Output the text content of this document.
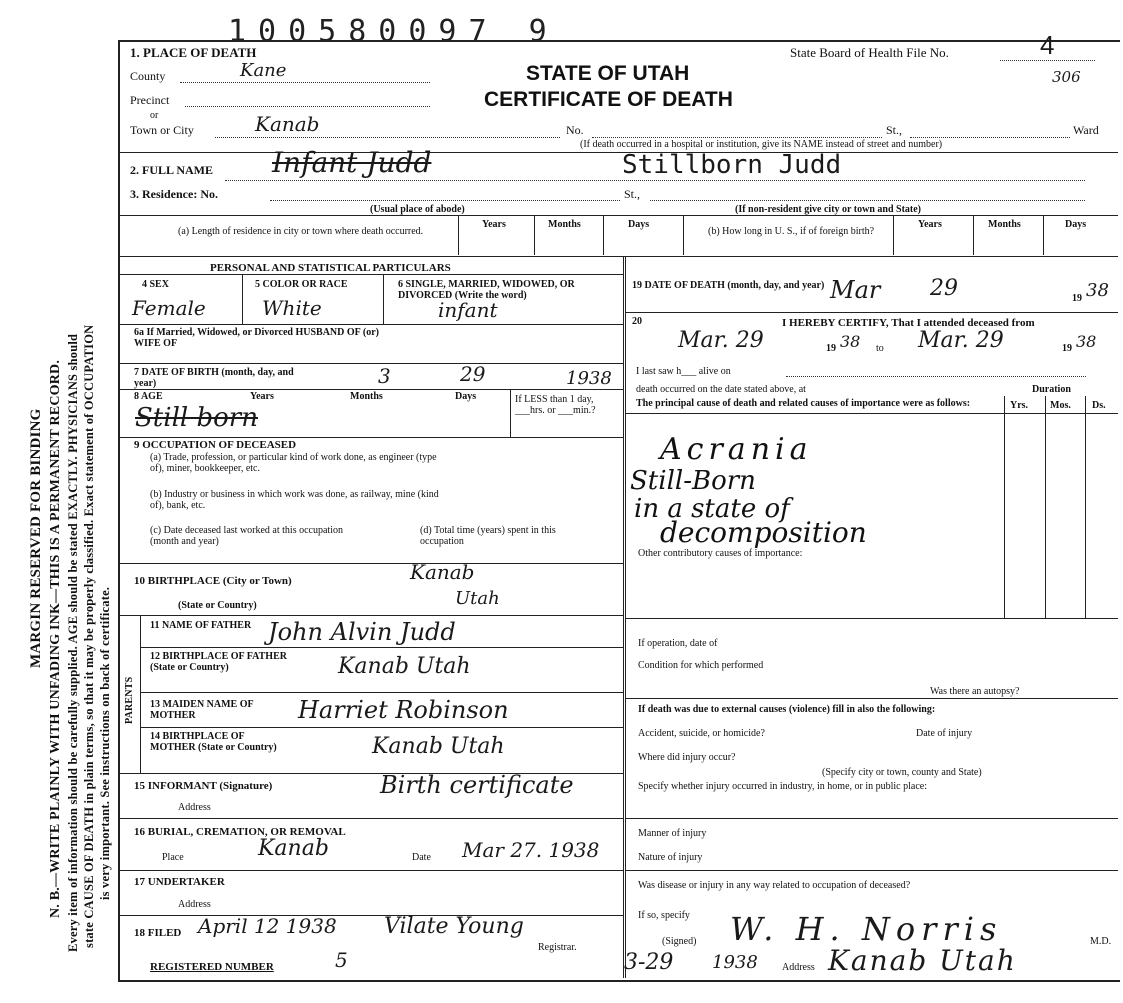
MARGIN RESERVED FOR BINDING N. B.—WRITE PLAINLY WITH UNFADING INK—THIS IS A PERMANENT RECORD. Every item of information should be carefully supplied. AGE should be stated EXACTLY. PHYSICIANS should state CAUSE OF DEATH in plain terms, so that it may be properly classified. Exact statement of OCCUPATION is very important. See instructions on back of certificate.
100580097 9
1. PLACE OF DEATH
County	Kane
Precinct
or
Town or City	Kanab	No.	St.,	Ward
(If death occurred in a hospital or institution, give its NAME instead of street and number)
STATE OF UTAH
CERTIFICATE OF DEATH
State Board of Health File No.	4
306
2. FULL NAME Infant Judd	Stillborn Judd
3. Residence: No.	St.,
(Usual place of abode)	(If non-resident give city or town and State)
(a) Length of residence in city or town where death occurred.
Years	Months	Days
(b) How long in U. S., if of foreign birth?
Years	Months	Days
PERSONAL AND STATISTICAL PARTICULARS
4 SEX	5 COLOR OR RACE	6 SINGLE, MARRIED, WIDOWED, OR DIVORCED (Write the word)
Female	White	infant
6a If Married, Widowed, or Divorced HUSBAND OF (or) WIFE OF
7 DATE OF BIRTH (month, day, and year)	3	29	1938
8 AGE	Years	Months	Days	If LESS than 1 day, ___hrs. or ___min.?
Still born
9 OCCUPATION OF DECEASED
(a) Trade, profession, or particular kind of work done, as engineer (type of), miner, bookkeeper, etc.
(b) Industry or business in which work was done, as railway, mine (kind of), bank, etc.
(c) Date deceased last worked at this occupation (month and year)
(d) Total time (years) spent in this occupation
10 BIRTHPLACE (City or Town)	Kanab
(State or Country)	Utah
PARENTS
11 NAME OF FATHER John Alvin Judd
12 BIRTHPLACE OF FATHER (State or Country)	Kanab Utah
13 MAIDEN NAME OF MOTHER	Harriet Robinson
14 BIRTHPLACE OF MOTHER (State or Country)	Kanab Utah
15 INFORMANT (Signature)	Birth certificate
Address
16 BURIAL, CREMATION, OR REMOVAL
Place	Kanab	Date Mar 27. 1938
17 UNDERTAKER
Address
18 FILED April 12 1938 Vilate Young
Registrar.
REGISTERED NUMBER	5
19 DATE OF DEATH (month, day, and year) Mar 29	19 38
20	I HEREBY CERTIFY, That I attended deceased from
Mar. 29	19 38 to Mar. 29	19 38
I last saw h___ alive on
death occurred on the date stated above, at	Duration
The principal cause of death and related causes of importance were as follows:	Yrs. Mos. Ds.
Acrania
Still-Born
in a state of
decomposition
Other contributory causes of importance:
If operation, date of
Condition for which performed
Was there an autopsy?
If death was due to external causes (violence) fill in also the following:
Accident, suicide, or homicide?	Date of injury
Where did injury occur?
(Specify city or town, county and State)
Specify whether injury occurred in industry, in home, or in public place:
Manner of injury
Nature of injury
Was disease or injury in any way related to occupation of deceased?
If so, specify
(Signed) W. H. Norris	M.D.
3-29 1938 Address Kanab Utah
